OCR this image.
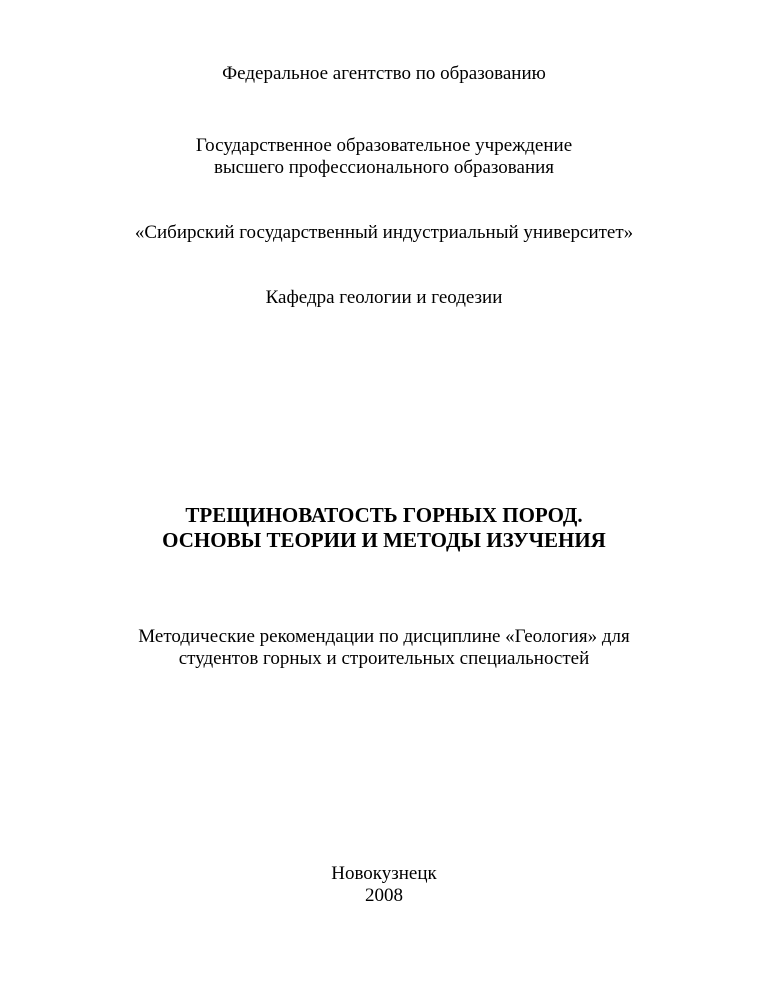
Федеральное агентство по образованию
Государственное образовательное учреждение
высшего профессионального образования
«Сибирский государственный индустриальный университет»
Кафедра геологии и геодезии
ТРЕЩИНОВАТОСТЬ ГОРНЫХ ПОРОД.
ОСНОВЫ ТЕОРИИ И МЕТОДЫ ИЗУЧЕНИЯ
Методические рекомендации по дисциплине «Геология» для
студентов горных и строительных специальностей
Новокузнецк
2008
